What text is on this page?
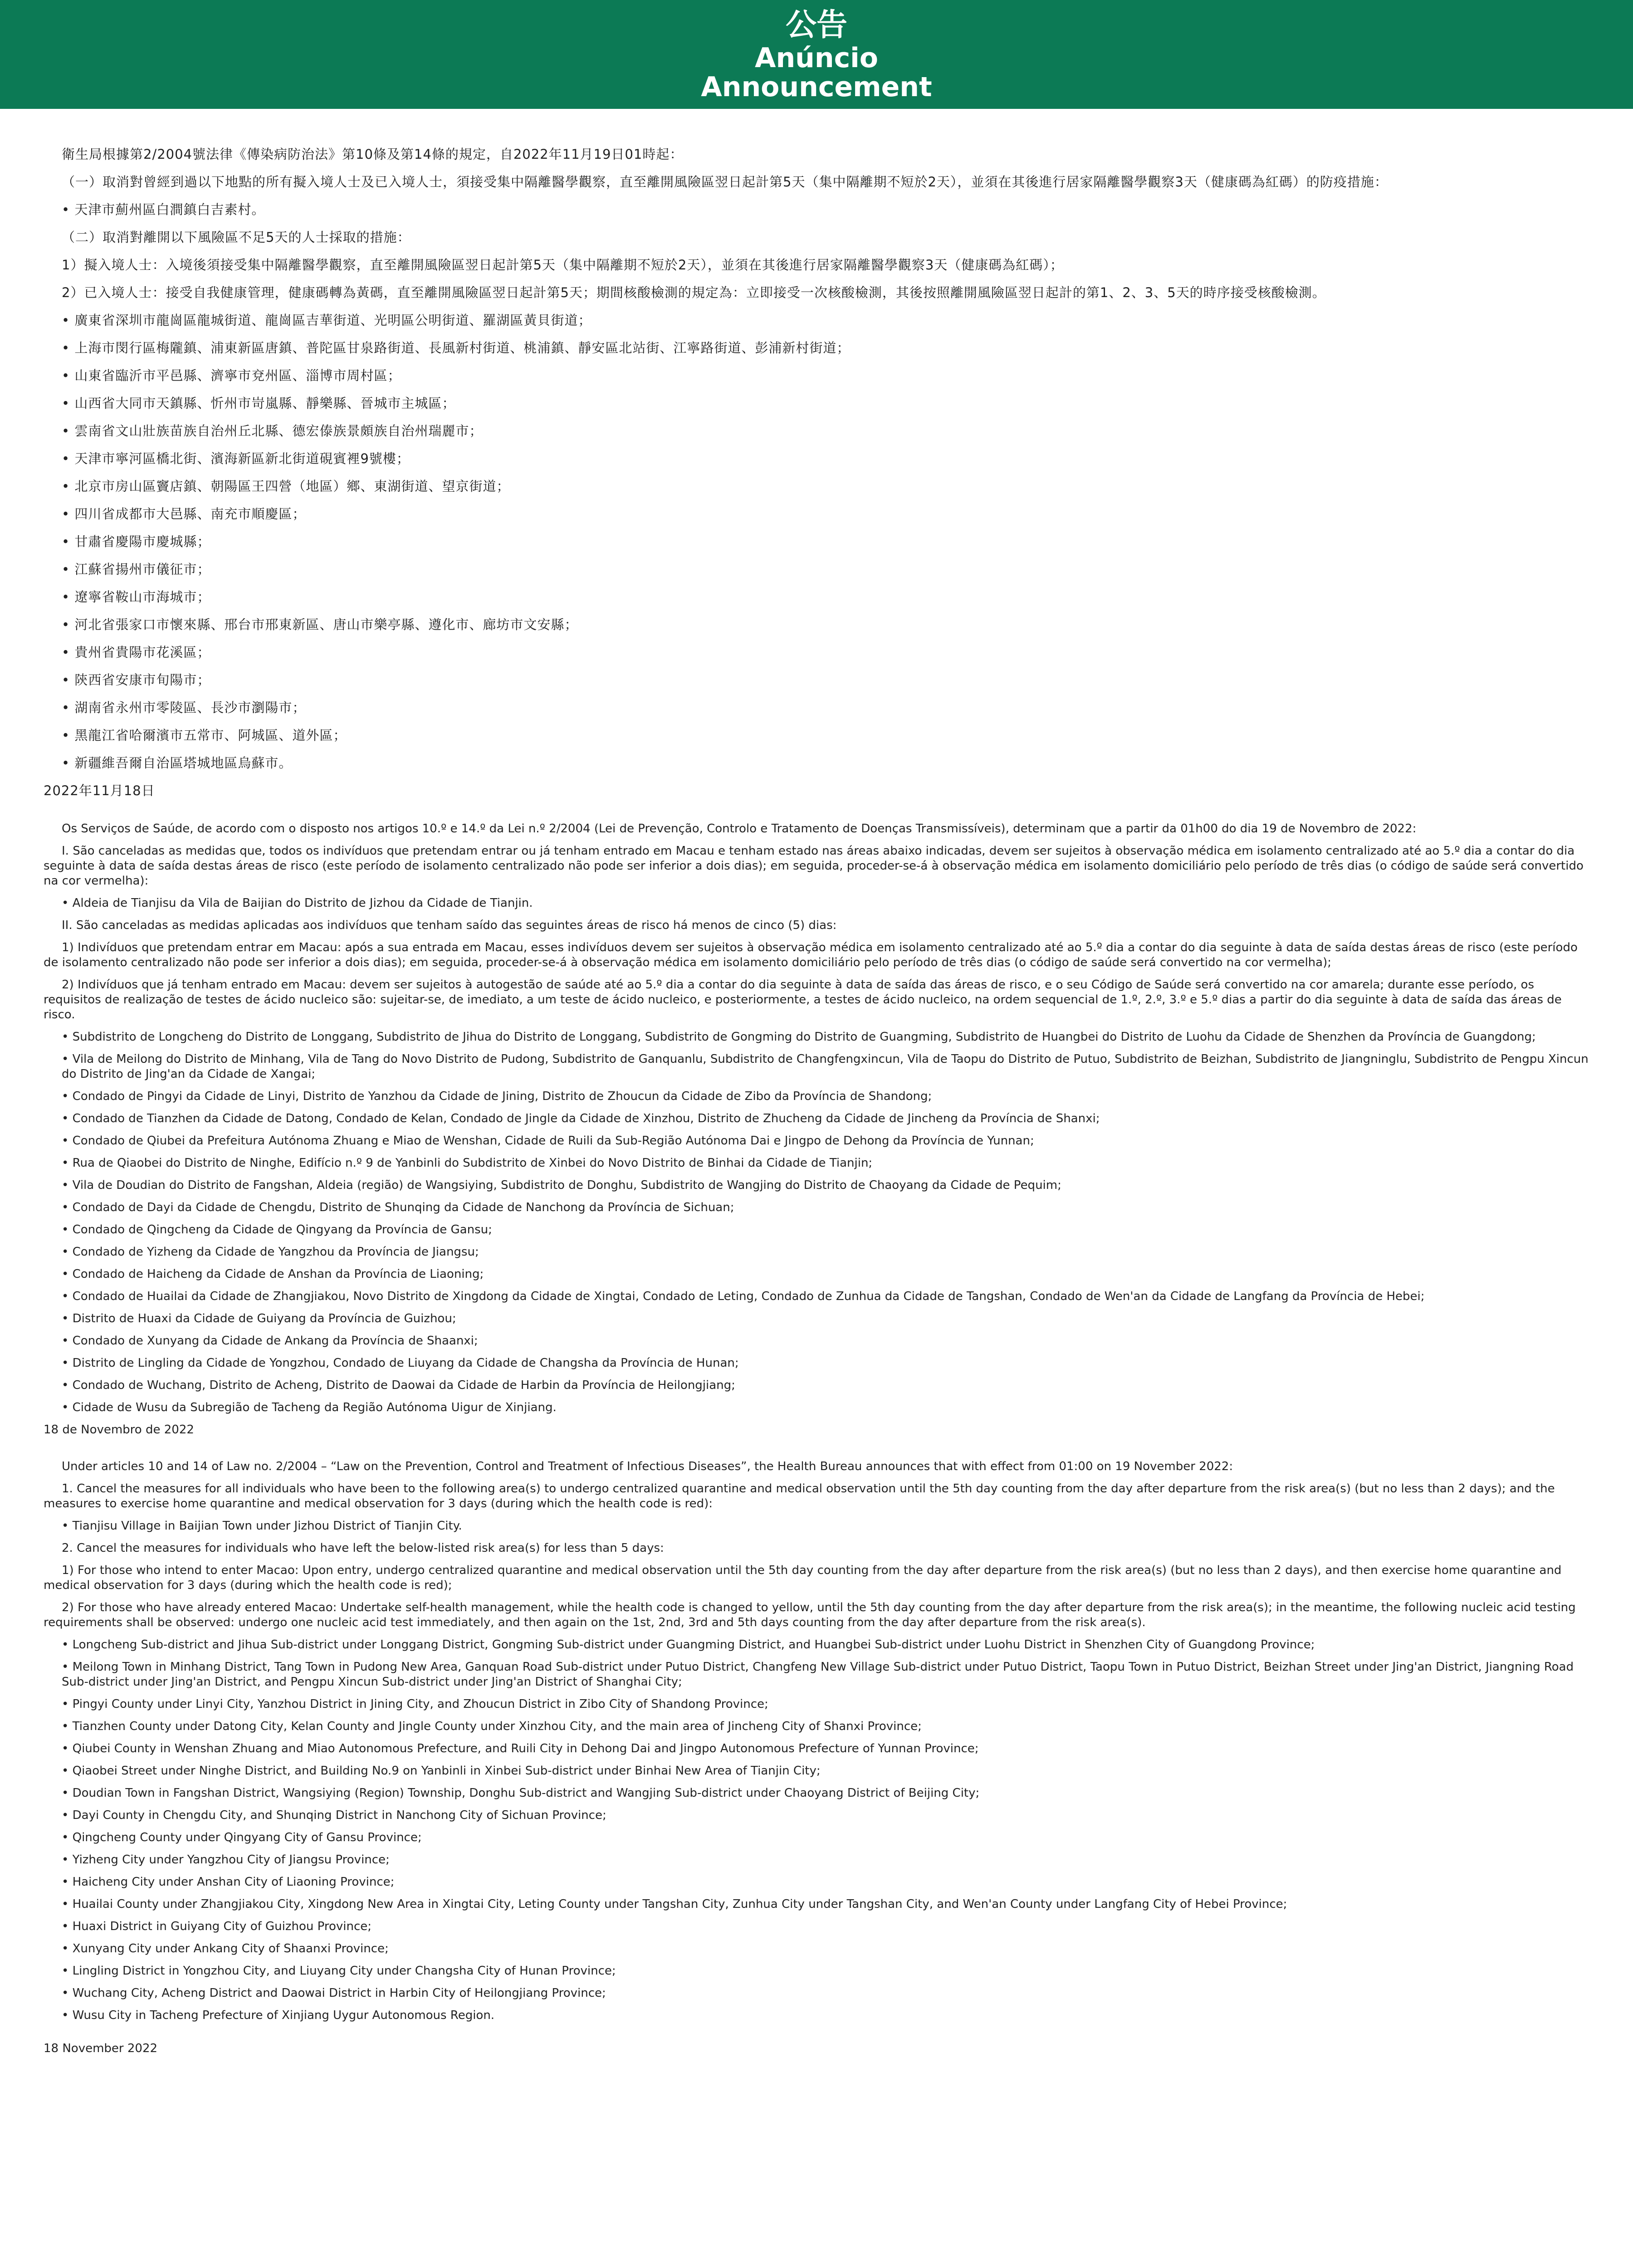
公告
Anúncio
Announcement

衛生局根據第2/2004號法律《傳染病防治法》第10條及第14條的規定，自2022年11月19日01時起：

（一）取消對曾經到過以下地點的所有擬入境人士及已入境人士，須接受集中隔離醫學觀察，直至離開風險區翌日起計第5天（集中隔離期不短於2天），並須在其後進行居家隔離醫學觀察3天（健康碼為紅碼）的防疫措施：

• 天津市薊州區白澗鎮白吉素村。

（二）取消對離開以下風險區不足5天的人士採取的措施：

1）擬入境人士：入境後須接受集中隔離醫學觀察，直至離開風險區翌日起計第5天（集中隔離期不短於2天），並須在其後進行居家隔離醫學觀察3天（健康碼為紅碼）；

2）已入境人士：接受自我健康管理，健康碼轉為黃碼，直至離開風險區翌日起計第5天；期間核酸檢測的規定為：立即接受一次核酸檢測，其後按照離開風險區翌日起計的第1、2、3、5天的時序接受核酸檢測。

• 廣東省深圳市龍崗區龍城街道、龍崗區吉華街道、光明區公明街道、羅湖區黃貝街道；

• 上海市閔行區梅隴鎮、浦東新區唐鎮、普陀區甘泉路街道、長風新村街道、桃浦鎮、靜安區北站街、江寧路街道、彭浦新村街道；

• 山東省臨沂市平邑縣、濟寧市兗州區、淄博市周村區；

• 山西省大同市天鎮縣、忻州市岢嵐縣、靜樂縣、晉城市主城區；

• 雲南省文山壯族苗族自治州丘北縣、德宏傣族景頗族自治州瑞麗市；

• 天津市寧河區橋北街、濱海新區新北街道硯賓裡9號樓；

• 北京市房山區竇店鎮、朝陽區王四營（地區）鄉、東湖街道、望京街道；

• 四川省成都市大邑縣、南充市順慶區；

• 甘肅省慶陽市慶城縣；

• 江蘇省揚州市儀征市；

• 遼寧省鞍山市海城市；

• 河北省張家口市懷來縣、邢台市邢東新區、唐山市樂亭縣、遵化市、廊坊市文安縣；

• 貴州省貴陽市花溪區；

• 陝西省安康市旬陽市；

• 湖南省永州市零陵區、長沙市瀏陽市；

• 黑龍江省哈爾濱市五常市、阿城區、道外區；

• 新疆維吾爾自治區塔城地區烏蘇市。

2022年11月18日

Os Serviços de Saúde, de acordo com o disposto nos artigos 10.º e 14.º da Lei n.º 2/2004 (Lei de Prevenção, Controlo e Tratamento de Doenças Transmissíveis), determinam que a partir da 01h00 do dia 19 de Novembro de 2022:

I. São canceladas as medidas que, todos os indivíduos que pretendam entrar ou já tenham entrado em Macau e tenham estado nas áreas abaixo indicadas, devem ser sujeitos à observação médica em isolamento centralizado até ao 5.º dia a contar do dia seguinte à data de saída destas áreas de risco (este período de isolamento centralizado não pode ser inferior a dois dias); em seguida, proceder-se-á à observação médica em isolamento domiciliário pelo período de três dias (o código de saúde será convertido na cor vermelha):

• Aldeia de Tianjisu da Vila de Baijian do Distrito de Jizhou da Cidade de Tianjin.

II. São canceladas as medidas aplicadas aos indivíduos que tenham saído das seguintes áreas de risco há menos de cinco (5) dias:

1) Indivíduos que pretendam entrar em Macau: após a sua entrada em Macau, esses indivíduos devem ser sujeitos à observação médica em isolamento centralizado até ao 5.º dia a contar do dia seguinte à data de saída destas áreas de risco (este período de isolamento centralizado não pode ser inferior a dois dias); em seguida, proceder-se-á à observação médica em isolamento domiciliário pelo período de três dias (o código de saúde será convertido na cor vermelha);

2) Indivíduos que já tenham entrado em Macau: devem ser sujeitos à autogestão de saúde até ao 5.º dia a contar do dia seguinte à data de saída das áreas de risco, e o seu Código de Saúde será convertido na cor amarela; durante esse período, os requisitos de realização de testes de ácido nucleico são: sujeitar-se, de imediato, a um teste de ácido nucleico, e posteriormente, a testes de ácido nucleico, na ordem sequencial de 1.º, 2.º, 3.º e 5.º dias a partir do dia seguinte à data de saída das áreas de risco.

• Subdistrito de Longcheng do Distrito de Longgang, Subdistrito de Jihua do Distrito de Longgang, Subdistrito de Gongming do Distrito de Guangming, Subdistrito de Huangbei do Distrito de Luohu da Cidade de Shenzhen da Província de Guangdong;

• Vila de Meilong do Distrito de Minhang, Vila de Tang do Novo Distrito de Pudong, Subdistrito de Ganquanlu, Subdistrito de Changfengxincun, Vila de Taopu do Distrito de Putuo, Subdistrito de Beizhan, Subdistrito de Jiangninglu, Subdistrito de Pengpu Xincun do Distrito de Jing'an da Cidade de Xangai;

• Condado de Pingyi da Cidade de Linyi, Distrito de Yanzhou da Cidade de Jining, Distrito de Zhoucun da Cidade de Zibo da Província de Shandong;

• Condado de Tianzhen da Cidade de Datong, Condado de Kelan, Condado de Jingle da Cidade de Xinzhou, Distrito de Zhucheng da Cidade de Jincheng da Província de Shanxi;

• Condado de Qiubei da Prefeitura Autónoma Zhuang e Miao de Wenshan, Cidade de Ruili da Sub-Região Autónoma Dai e Jingpo de Dehong da Província de Yunnan;

• Rua de Qiaobei do Distrito de Ninghe, Edifício n.º 9 de Yanbinli do Subdistrito de Xinbei do Novo Distrito de Binhai da Cidade de Tianjin;

• Vila de Doudian do Distrito de Fangshan, Aldeia (região) de Wangsiying, Subdistrito de Donghu, Subdistrito de Wangjing do Distrito de Chaoyang da Cidade de Pequim;

• Condado de Dayi da Cidade de Chengdu, Distrito de Shunqing da Cidade de Nanchong da Província de Sichuan;

• Condado de Qingcheng da Cidade de Qingyang da Província de Gansu;

• Condado de Yizheng da Cidade de Yangzhou da Província de Jiangsu;

• Condado de Haicheng da Cidade de Anshan da Província de Liaoning;

• Condado de Huailai da Cidade de Zhangjiakou, Novo Distrito de Xingdong da Cidade de Xingtai, Condado de Leting, Condado de Zunhua da Cidade de Tangshan, Condado de Wen'an da Cidade de Langfang da Província de Hebei;

• Distrito de Huaxi da Cidade de Guiyang da Província de Guizhou;

• Condado de Xunyang da Cidade de Ankang da Província de Shaanxi;

• Distrito de Lingling da Cidade de Yongzhou, Condado de Liuyang da Cidade de Changsha da Província de Hunan;

• Condado de Wuchang, Distrito de Acheng, Distrito de Daowai da Cidade de Harbin da Província de Heilongjiang;

• Cidade de Wusu da Subregião de Tacheng da Região Autónoma Uigur de Xinjiang.

18 de Novembro de 2022

Under articles 10 and 14 of Law no. 2/2004 – “Law on the Prevention, Control and Treatment of Infectious Diseases”, the Health Bureau announces that with effect from 01:00 on 19 November 2022:

1. Cancel the measures for all individuals who have been to the following area(s) to undergo centralized quarantine and medical observation until the 5th day counting from the day after departure from the risk area(s) (but no less than 2 days); and the measures to exercise home quarantine and medical observation for 3 days (during which the health code is red):

• Tianjisu Village in Baijian Town under Jizhou District of Tianjin City.

2. Cancel the measures for individuals who have left the below-listed risk area(s) for less than 5 days:

1) For those who intend to enter Macao: Upon entry, undergo centralized quarantine and medical observation until the 5th day counting from the day after departure from the risk area(s) (but no less than 2 days), and then exercise home quarantine and medical observation for 3 days (during which the health code is red);

2) For those who have already entered Macao: Undertake self-health management, while the health code is changed to yellow, until the 5th day counting from the day after departure from the risk area(s); in the meantime, the following nucleic acid testing requirements shall be observed: undergo one nucleic acid test immediately, and then again on the 1st, 2nd, 3rd and 5th days counting from the day after departure from the risk area(s).

• Longcheng Sub-district and Jihua Sub-district under Longgang District, Gongming Sub-district under Guangming District, and Huangbei Sub-district under Luohu District in Shenzhen City of Guangdong Province;

• Meilong Town in Minhang District, Tang Town in Pudong New Area, Ganquan Road Sub-district under Putuo District, Changfeng New Village Sub-district under Putuo District, Taopu Town in Putuo District, Beizhan Street under Jing'an District, Jiangning Road Sub-district under Jing'an District, and Pengpu Xincun Sub-district under Jing'an District of Shanghai City;

• Pingyi County under Linyi City, Yanzhou District in Jining City, and Zhoucun District in Zibo City of Shandong Province;

• Tianzhen County under Datong City, Kelan County and Jingle County under Xinzhou City, and the main area of Jincheng City of Shanxi Province;

• Qiubei County in Wenshan Zhuang and Miao Autonomous Prefecture, and Ruili City in Dehong Dai and Jingpo Autonomous Prefecture of Yunnan Province;

• Qiaobei Street under Ninghe District, and Building No.9 on Yanbinli in Xinbei Sub-district under Binhai New Area of Tianjin City;

• Doudian Town in Fangshan District, Wangsiying (Region) Township, Donghu Sub-district and Wangjing Sub-district under Chaoyang District of Beijing City;

• Dayi County in Chengdu City, and Shunqing District in Nanchong City of Sichuan Province;

• Qingcheng County under Qingyang City of Gansu Province;

• Yizheng City under Yangzhou City of Jiangsu Province;

• Haicheng City under Anshan City of Liaoning Province;

• Huailai County under Zhangjiakou City, Xingdong New Area in Xingtai City, Leting County under Tangshan City, Zunhua City under Tangshan City, and Wen'an County under Langfang City of Hebei Province;

• Huaxi District in Guiyang City of Guizhou Province;

• Xunyang City under Ankang City of Shaanxi Province;

• Lingling District in Yongzhou City, and Liuyang City under Changsha City of Hunan Province;

• Wuchang City, Acheng District and Daowai District in Harbin City of Heilongjiang Province;

• Wusu City in Tacheng Prefecture of Xinjiang Uygur Autonomous Region.

18 November 2022
